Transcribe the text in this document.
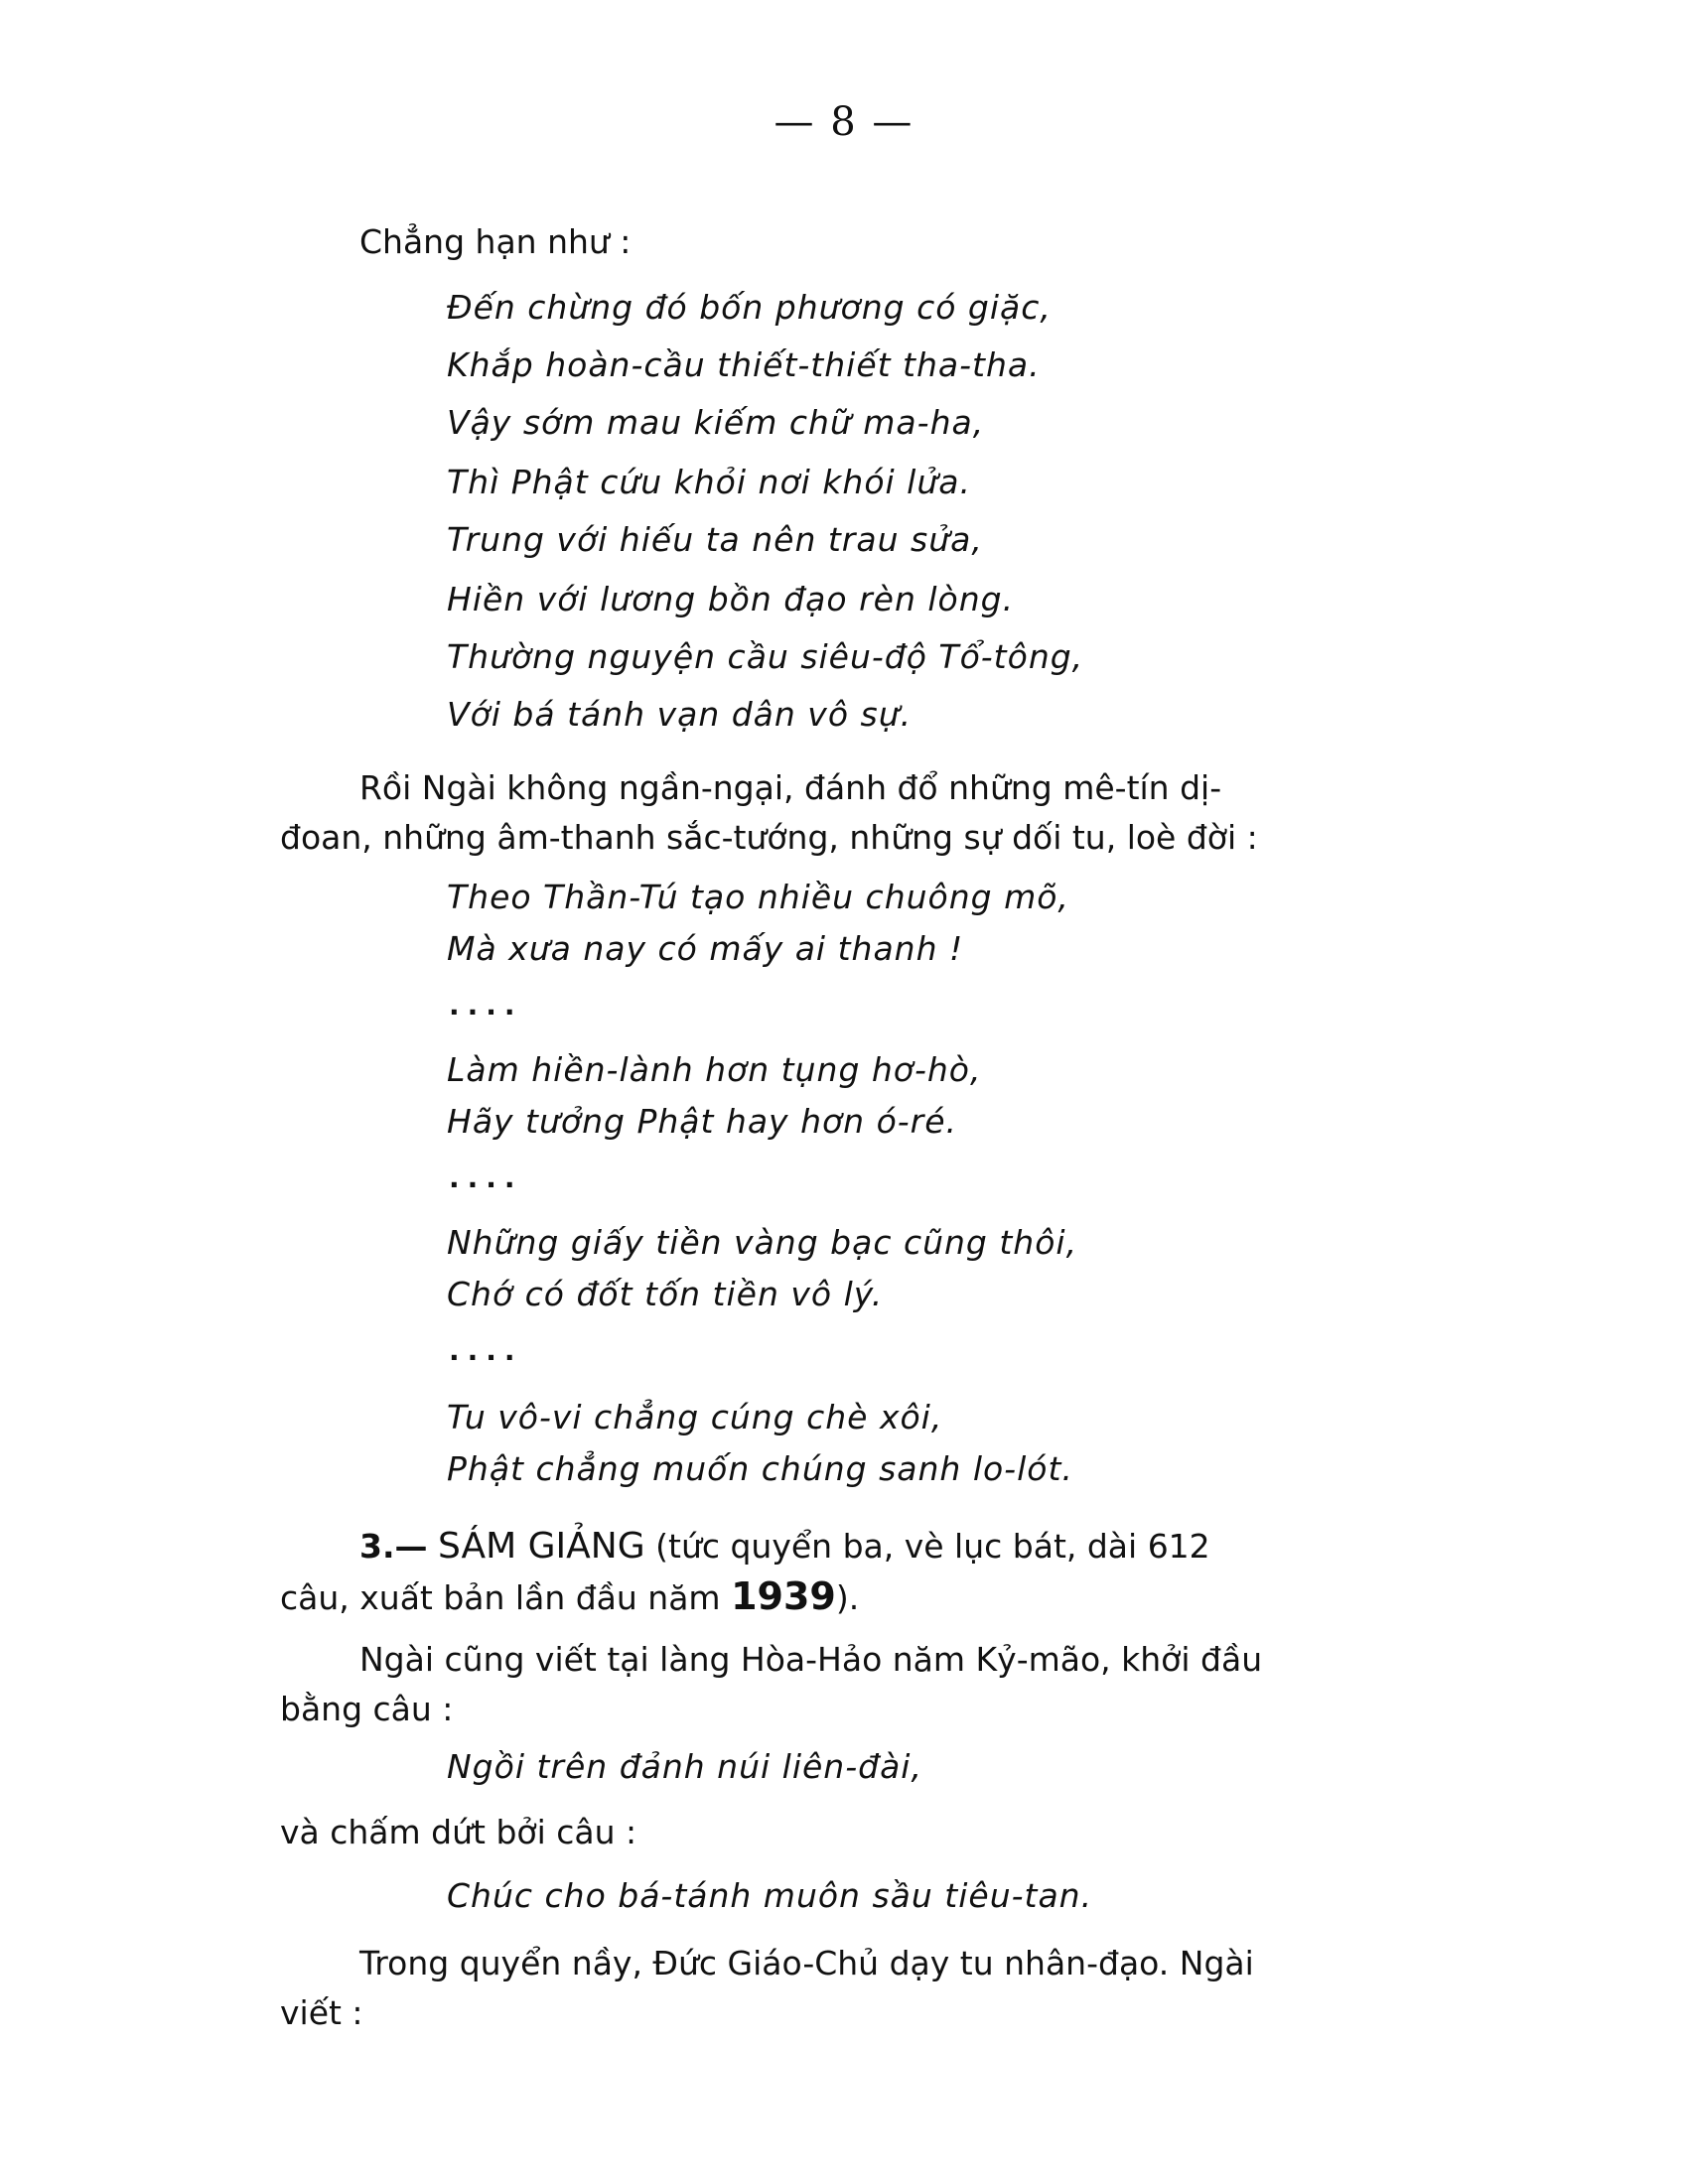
— 8 —
Chẳng hạn như :
Đến chừng đó bốn phương có giặc,
Khắp hoàn-cầu thiết-thiết tha-tha.
Vậy sớm mau kiếm chữ ma-ha,
Thì Phật cứu khỏi nơi khói lửa.
Trung với hiếu ta nên trau sửa,
Hiền với lương bồn đạo rèn lòng.
Thường nguyện cầu siêu-độ Tổ-tông,
Với bá tánh vạn dân vô sự.
Rồi Ngài không ngần-ngại, đánh đổ những mê-tín dị-
đoan, những âm-thanh sắc-tướng, những sự dối tu, loè đời :
Theo Thần-Tú tạo nhiều chuông mõ,
Mà xưa nay có mấy ai thanh !
....
Làm hiền-lành hơn tụng hơ-hò,
Hãy tưởng Phật hay hơn ó-ré.
....
Những giấy tiền vàng bạc cũng thôi,
Chớ có đốt tốn tiền vô lý.
....
Tu vô-vi chẳng cúng chè xôi,
Phật chẳng muốn chúng sanh lo-lót.
3.— SÁM GIẢNG (tức quyển ba, vè lục bát, dài 612
câu, xuất bản lần đầu năm 1939).
Ngài cũng viết tại làng Hòa-Hảo năm Kỷ-mão, khởi đầu
bằng câu :
Ngồi trên đảnh núi liên-đài,
và chấm dứt bởi câu :
Chúc cho bá-tánh muôn sầu tiêu-tan.
Trong quyển nầy, Đức Giáo-Chủ dạy tu nhân-đạo. Ngài
viết :
